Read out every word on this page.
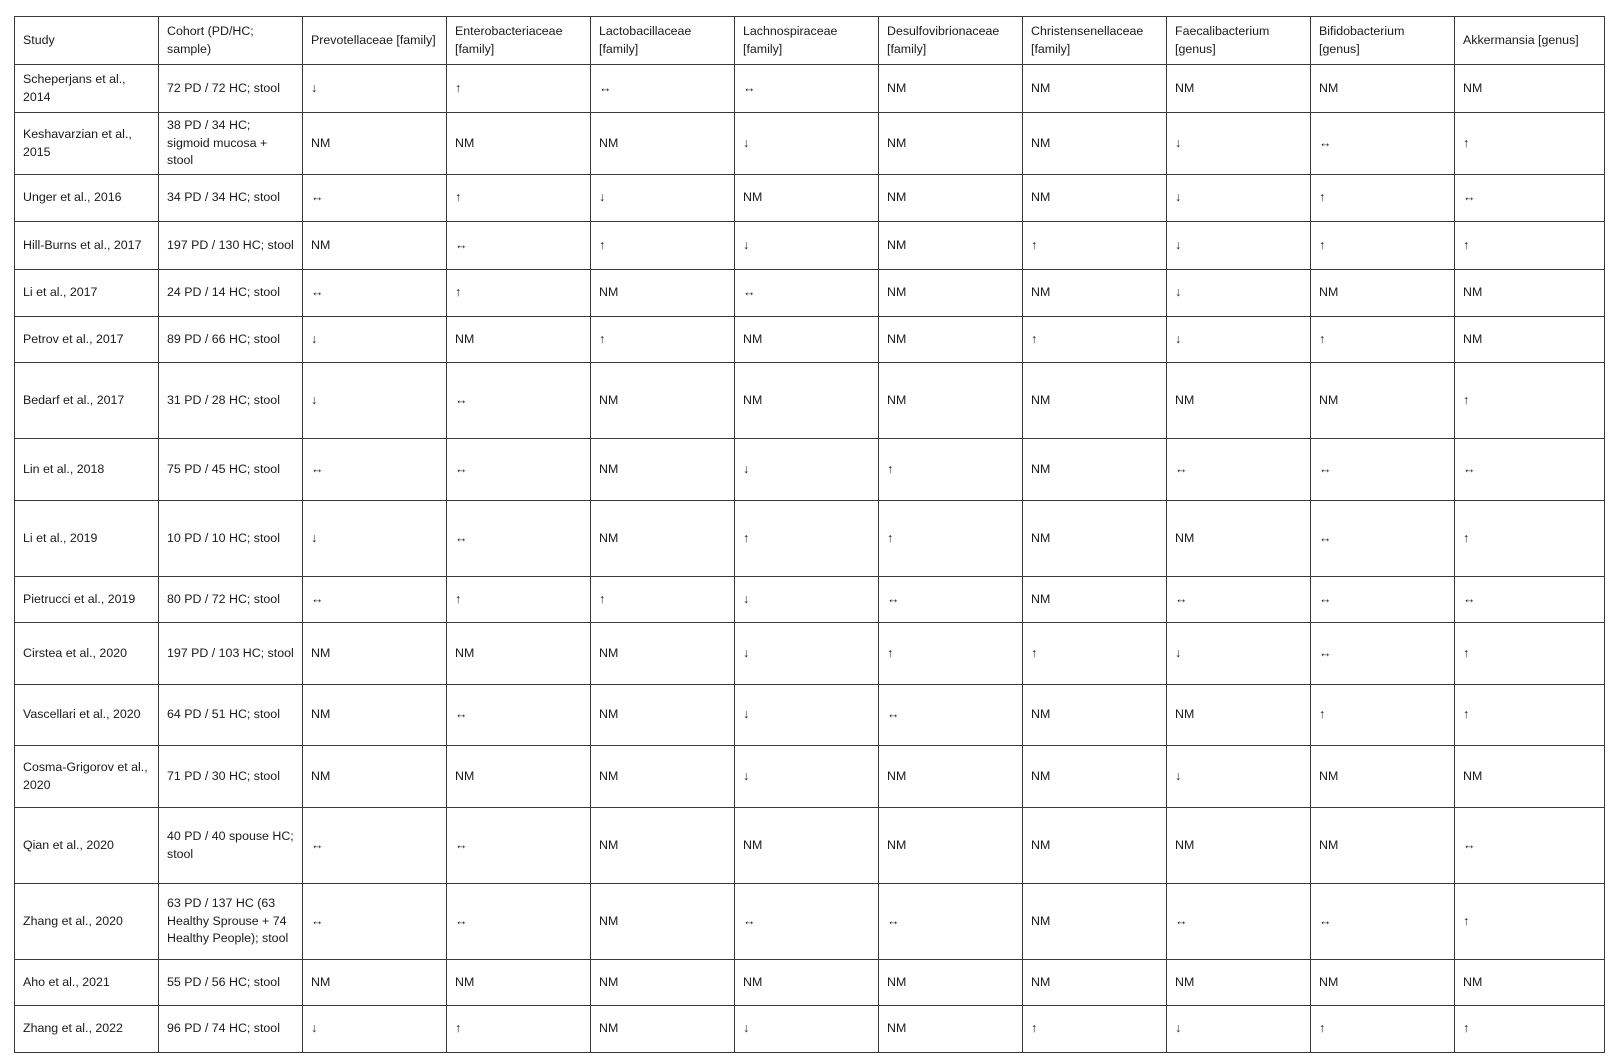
Study	Cohort (PD/HC; sample)	Prevotellaceae [family]	Enterobacteriaceae [family]	Lactobacillaceae [family]	Lachnospiraceae [family]	Desulfovibrionaceae [family]	Christensenellaceae [family]	Faecalibacterium [genus]	Bifidobacterium [genus]	Akkermansia [genus]
Scheperjans et al., 2014	72 PD / 72 HC; stool	↓	↑	↔	↔	NM	NM	NM	NM	NM
Keshavarzian et al., 2015	38 PD / 34 HC; sigmoid mucosa + stool	NM	NM	NM	↓	NM	NM	↓	↔	↑
Unger et al., 2016	34 PD / 34 HC; stool	↔	↑	↓	NM	NM	NM	↓	↑	↔
Hill-Burns et al., 2017	197 PD / 130 HC; stool	NM	↔	↑	↓	NM	↑	↓	↑	↑
Li et al., 2017	24 PD / 14 HC; stool	↔	↑	NM	↔	NM	NM	↓	NM	NM
Petrov et al., 2017	89 PD / 66 HC; stool	↓	NM	↑	NM	NM	↑	↓	↑	NM
Bedarf et al., 2017	31 PD / 28 HC; stool	↓	↔	NM	NM	NM	NM	NM	NM	↑
Lin et al., 2018	75 PD / 45 HC; stool	↔	↔	NM	↓	↑	NM	↔	↔	↔
Li et al., 2019	10 PD / 10 HC; stool	↓	↔	NM	↑	↑	NM	NM	↔	↑
Pietrucci et al., 2019	80 PD / 72 HC; stool	↔	↑	↑	↓	↔	NM	↔	↔	↔
Cirstea et al., 2020	197 PD / 103 HC; stool	NM	NM	NM	↓	↑	↑	↓	↔	↑
Vascellari et al., 2020	64 PD / 51 HC; stool	NM	↔	NM	↓	↔	NM	NM	↑	↑
Cosma-Grigorov et al., 2020	71 PD / 30 HC; stool	NM	NM	NM	↓	NM	NM	↓	NM	NM
Qian et al., 2020	40 PD / 40 spouse HC; stool	↔	↔	NM	NM	NM	NM	NM	NM	↔
Zhang et al., 2020	63 PD / 137 HC (63 Healthy Sprouse + 74 Healthy People); stool	↔	↔	NM	↔	↔	NM	↔	↔	↑
Aho et al., 2021	55 PD / 56 HC; stool	NM	NM	NM	NM	NM	NM	NM	NM	NM
Zhang et al., 2022	96 PD / 74 HC; stool	↓	↑	NM	↓	NM	↑	↓	↑	↑
